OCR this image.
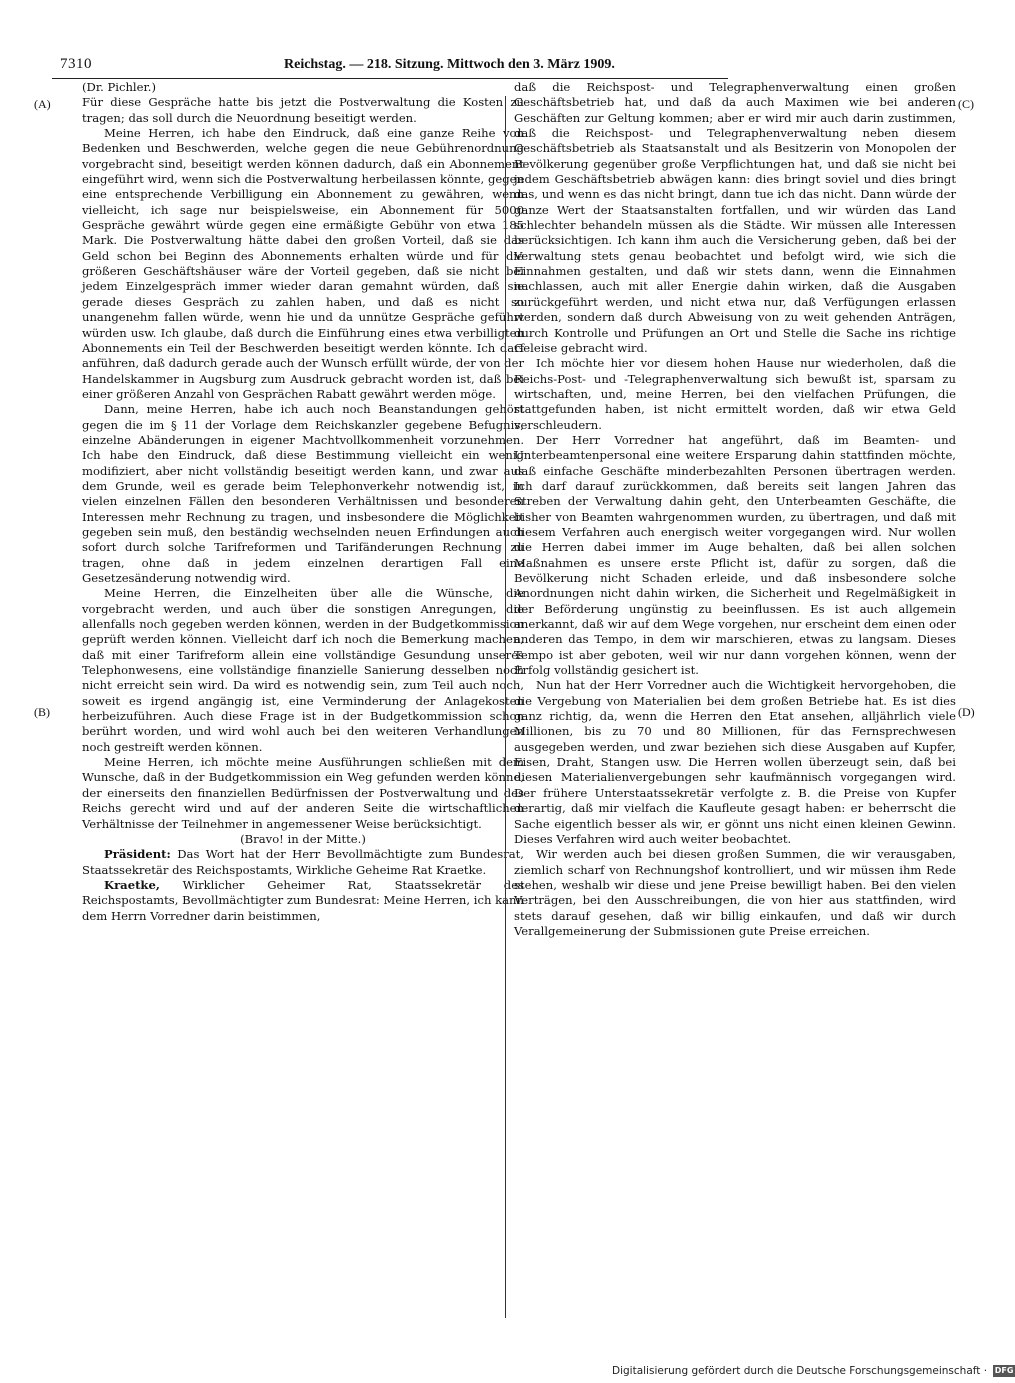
7310	Reichstag. — 218. Sitzung. Mittwoch den 3. März 1909.
(A)
(B)
(C)
(D)

(Dr. Pichler.)

Für diese Gespräche hatte bis jetzt die Postverwaltung die Kosten zu tragen; das soll durch die Neuordnung beseitigt werden.

Meine Herren, ich habe den Eindruck, daß eine ganze Reihe von Bedenken und Beschwerden, welche gegen die neue Gebührenordnung vorgebracht sind, beseitigt werden können dadurch, daß ein Abonnement eingeführt wird, wenn sich die Postverwaltung herbeilassen könnte, gegen eine entsprechende Verbilligung ein Abonnement zu gewähren, wenn vielleicht, ich sage nur beispielsweise, ein Abonnement für 5000 Gespräche gewährt würde gegen eine ermäßigte Gebühr von etwa 185 Mark. Die Postverwaltung hätte dabei den großen Vorteil, daß sie das Geld schon bei Beginn des Abonnements erhalten würde und für die größeren Geschäftshäuser wäre der Vorteil gegeben, daß sie nicht bei jedem Einzelgespräch immer wieder daran gemahnt würden, daß sie gerade dieses Gespräch zu zahlen haben, und daß es nicht so unangenehm fallen würde, wenn hie und da unnütze Gespräche geführt würden usw. Ich glaube, daß durch die Einführung eines etwa verbilligten Abonnements ein Teil der Beschwerden beseitigt werden könnte. Ich darf anführen, daß dadurch gerade auch der Wunsch erfüllt würde, der von der Handelskammer in Augsburg zum Ausdruck gebracht worden ist, daß bei einer größeren Anzahl von Gesprächen Rabatt gewährt werden möge.

Dann, meine Herren, habe ich auch noch Beanstandungen gehört gegen die im § 11 der Vorlage dem Reichskanzler gegebene Befugnis, einzelne Abänderungen in eigener Machtvollkommenheit vorzunehmen. Ich habe den Eindruck, daß diese Bestimmung vielleicht ein wenig modifiziert, aber nicht vollständig beseitigt werden kann, und zwar aus dem Grunde, weil es gerade beim Telephonverkehr notwendig ist, in vielen einzelnen Fällen den besonderen Verhältnissen und besonderen Interessen mehr Rechnung zu tragen, und insbesondere die Möglichkeit gegeben sein muß, den beständig wechselnden neuen Erfindungen auch sofort durch solche Tarifreformen und Tarifänderungen Rechnung zu tragen, ohne daß in jedem einzelnen derartigen Fall eine Gesetzesänderung notwendig wird.

Meine Herren, die Einzelheiten über alle die Wünsche, die vorgebracht werden, und auch über die sonstigen Anregungen, die allenfalls noch gegeben werden können, werden in der Budgetkommission geprüft werden können. Vielleicht darf ich noch die Bemerkung machen, daß mit einer Tarifreform allein eine vollständige Gesundung unseres Telephonwesens, eine vollständige finanzielle Sanierung desselben noch nicht erreicht sein wird. Da wird es notwendig sein, zum Teil auch noch, soweit es irgend angängig ist, eine Verminderung der Anlagekosten herbeizuführen. Auch diese Frage ist in der Budgetkommission schon berührt worden, und wird wohl auch bei den weiteren Verhandlungen noch gestreift werden können.

Meine Herren, ich möchte meine Ausführungen schließen mit dem Wunsche, daß in der Budgetkommission ein Weg gefunden werden könne, der einerseits den finanziellen Bedürfnissen der Postverwaltung und des Reichs gerecht wird und auf der anderen Seite die wirtschaftlichen Verhältnisse der Teilnehmer in angemessener Weise berücksichtigt.

(Bravo! in der Mitte.)

Präsident: Das Wort hat der Herr Bevollmächtigte zum Bundesrat, Staatssekretär des Reichspostamts, Wirkliche Geheime Rat Kraetke.

Kraetke, Wirklicher Geheimer Rat, Staatssekretär des Reichspostamts, Bevollmächtigter zum Bundesrat: Meine Herren, ich kann dem Herrn Vorredner darin beistimmen,

daß die Reichspost- und Telegraphenverwaltung einen großen Geschäftsbetrieb hat, und daß da auch Maximen wie bei anderen Geschäften zur Geltung kommen; aber er wird mir auch darin zustimmen, daß die Reichspost- und Telegraphenverwaltung neben diesem Geschäftsbetrieb als Staatsanstalt und als Besitzerin von Monopolen der Bevölkerung gegenüber große Verpflichtungen hat, und daß sie nicht bei jedem Geschäftsbetrieb abwägen kann: dies bringt soviel und dies bringt das, und wenn es das nicht bringt, dann tue ich das nicht. Dann würde der ganze Wert der Staatsanstalten fortfallen, und wir würden das Land schlechter behandeln müssen als die Städte. Wir müssen alle Interessen berücksichtigen. Ich kann ihm auch die Versicherung geben, daß bei der Verwaltung stets genau beobachtet und befolgt wird, wie sich die Einnahmen gestalten, und daß wir stets dann, wenn die Einnahmen nachlassen, auch mit aller Energie dahin wirken, daß die Ausgaben zurückgeführt werden, und nicht etwa nur, daß Verfügungen erlassen werden, sondern daß durch Abweisung von zu weit gehenden Anträgen, durch Kontrolle und Prüfungen an Ort und Stelle die Sache ins richtige Geleise gebracht wird.

Ich möchte hier vor diesem hohen Hause nur wiederholen, daß die Reichs-Post- und -Telegraphenverwaltung sich bewußt ist, sparsam zu wirtschaften, und, meine Herren, bei den vielfachen Prüfungen, die stattgefunden haben, ist nicht ermittelt worden, daß wir etwa Geld verschleudern.

Der Herr Vorredner hat angeführt, daß im Beamten- und Unterbeamtenpersonal eine weitere Ersparung dahin stattfinden möchte, daß einfache Geschäfte minderbezahlten Personen übertragen werden. Ich darf darauf zurückkommen, daß bereits seit langen Jahren das Streben der Verwaltung dahin geht, den Unterbeamten Geschäfte, die bisher von Beamten wahrgenommen wurden, zu übertragen, und daß mit diesem Verfahren auch energisch weiter vorgegangen wird. Nur wollen die Herren dabei immer im Auge behalten, daß bei allen solchen Maßnahmen es unsere erste Pflicht ist, dafür zu sorgen, daß die Bevölkerung nicht Schaden erleide, und daß insbesondere solche Anordnungen nicht dahin wirken, die Sicherheit und Regelmäßigkeit in der Beförderung ungünstig zu beeinflussen. Es ist auch allgemein anerkannt, daß wir auf dem Wege vorgehen, nur erscheint dem einen oder anderen das Tempo, in dem wir marschieren, etwas zu langsam. Dieses Tempo ist aber geboten, weil wir nur dann vorgehen können, wenn der Erfolg vollständig gesichert ist.

Nun hat der Herr Vorredner auch die Wichtigkeit hervorgehoben, die die Vergebung von Materialien bei dem großen Betriebe hat. Es ist dies ganz richtig, da, wenn die Herren den Etat ansehen, alljährlich viele Millionen, bis zu 70 und 80 Millionen, für das Fernsprechwesen ausgegeben werden, und zwar beziehen sich diese Ausgaben auf Kupfer, Eisen, Draht, Stangen usw. Die Herren wollen überzeugt sein, daß bei diesen Materialienvergebungen sehr kaufmännisch vorgegangen wird. Der frühere Unterstaatssekretär verfolgte z. B. die Preise von Kupfer derartig, daß mir vielfach die Kaufleute gesagt haben: er beherrscht die Sache eigentlich besser als wir, er gönnt uns nicht einen kleinen Gewinn. Dieses Verfahren wird auch weiter beobachtet.

Wir werden auch bei diesen großen Summen, die wir verausgaben, ziemlich scharf von Rechnungshof kontrolliert, und wir müssen ihm Rede stehen, weshalb wir diese und jene Preise bewilligt haben. Bei den vielen Verträgen, bei den Ausschreibungen, die von hier aus stattfinden, wird stets darauf gesehen, daß wir billig einkaufen, und daß wir durch Verallgemeinerung der Submissionen gute Preise erreichen.

Digitalisierung gefördert durch die Deutsche Forschungsgemeinschaft · DFG
